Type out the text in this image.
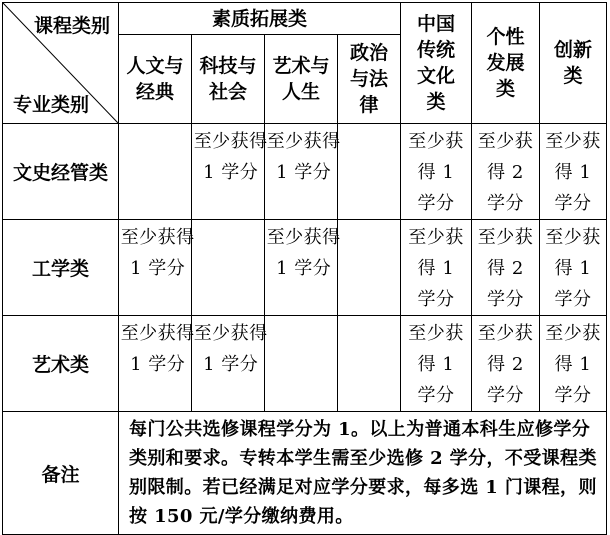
课程类别
专业类别	素质拓展类				中国传统文化类	个性发展类	创新类

	人文与经典	科技与社会	艺术与人生	政治与法律			

文史经管类		至少获得 1 学分	至少获得 1 学分		至少获得 1 学分	至少获得 2 学分	至少获得 1 学分

工学类	至少获得 1 学分		至少获得 1 学分		至少获得 1 学分	至少获得 2 学分	至少获得 1 学分

艺术类	至少获得 1 学分	至少获得 1 学分			至少获得 1 学分	至少获得 2 学分	至少获得 1 学分

备注	每门公共选修课程学分为 1。以上为普通本科生应修学分类别和要求。专转本学生需至少选修 2 学分，不受课程类别限制。若已经满足对应学分要求，每多选 1 门课程，则按 150 元/学分缴纳费用。						
